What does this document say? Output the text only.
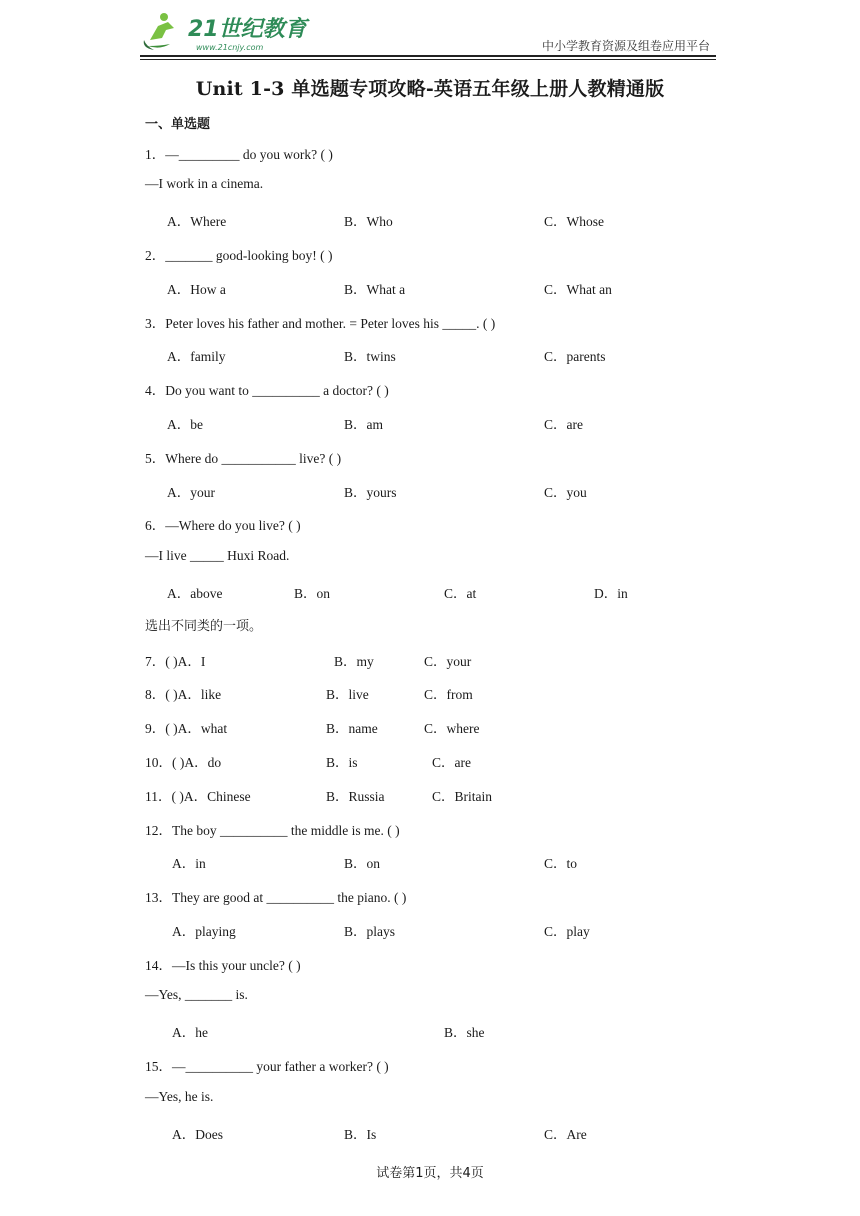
21世纪教育
www.21cnjy.com	中小学教育资源及组卷应用平台
Unit 1-3 单选题专项攻略-英语五年级上册人教精通版
一、单选题
1．—_________ do you work? ( )
—I work in a cinema.
A．Where	B．Who	C．Whose
2．_______ good-looking boy! ( )
A．How a	B．What a	C．What an
3．Peter loves his father and mother. = Peter loves his _____. ( )
A．family	B．twins	C．parents
4．Do you want to __________ a doctor? ( )
A．be	B．am	C．are
5．Where do ___________ live? ( )
A．your	B．yours	C．you
6．—Where do you live? ( )
—I live _____ Huxi Road.
A．above	B．on	C．at	D．in
选出不同类的一项。
7．( )A．I	B．my	C．your
8．( )A．like	B．live	C．from
9．( )A．what	B．name	C．where
10．( )A．do	B．is	C．are
11．( )A．Chinese	B．Russia	C．Britain
12．The boy __________ the middle is me. ( )
A．in	B．on	C．to
13．They are good at __________ the piano. ( )
A．playing	B．plays	C．play
14．—Is this your uncle? ( )
—Yes, _______ is.
A．he	B．she
15．—__________ your father a worker? ( )
—Yes, he is.
A．Does	B．Is	C．Are
试卷第1页，共4页
